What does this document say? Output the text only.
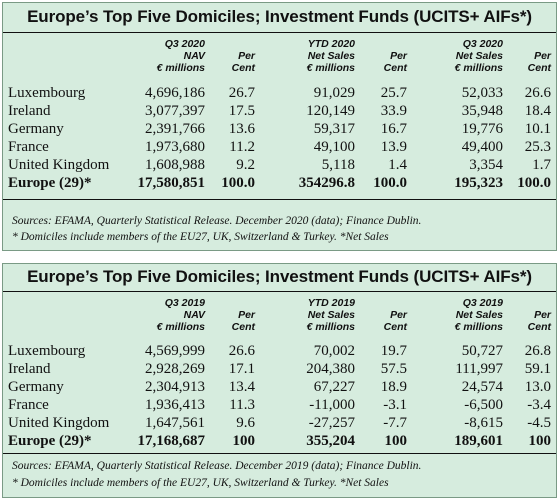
Europe’s Top Five Domiciles; Investment Funds (UCITS+ AIFs*)
Q3 2020
NAV
€ millions
Per
Cent
YTD 2020
Net Sales
€ millions
Per
Cent
Q3 2020
Net Sales
€ millions
Per
Cent
Luxembourg	4,696,186	26.7	91,029	25.7	52,033	26.6
Ireland	3,077,397	17.5	120,149	33.9	35,948	18.4
Germany	2,391,766	13.6	59,317	16.7	19,776	10.1
France	1,973,680	11.2	49,100	13.9	49,400	25.3
United Kingdom	1,608,988	9.2	5,118	1.4	3,354	1.7
Europe (29)*	17,580,851	100.0	354296.8	100.0	195,323 100.0
Sources: EFAMA, Quarterly Statistical Release. December 2020 (data); Finance Dublin.
* Domiciles include members of the EU27, UK, Switzerland & Turkey. *Net Sales
Europe’s Top Five Domiciles; Investment Funds (UCITS+ AIFs*)
Q3 2019
NAV
€ millions
Per
Cent
YTD 2019
Net Sales
€ millions
Per
Cent
Q3 2019
Net Sales
€ millions
Per
Cent
Luxembourg	4,569,999	26.6	70,002	19.7	50,727	26.8
Ireland	2,928,269	17.1	204,380	57.5	111,997	59.1
Germany	2,304,913	13.4	67,227	18.9	24,574	13.0
France	1,936,413	11.3	-11,000	-3.1	-6,500	-3.4
United Kingdom	1,647,561	9.6	-27,257	-7.7	-8,615	-4.5
Europe (29)*	17,168,687	100	355,204	100	189,601	100
Sources: EFAMA, Quarterly Statistical Release. December 2019 (data); Finance Dublin.
* Domiciles include members of the EU27, UK, Switzerland & Turkey. *Net Sales
